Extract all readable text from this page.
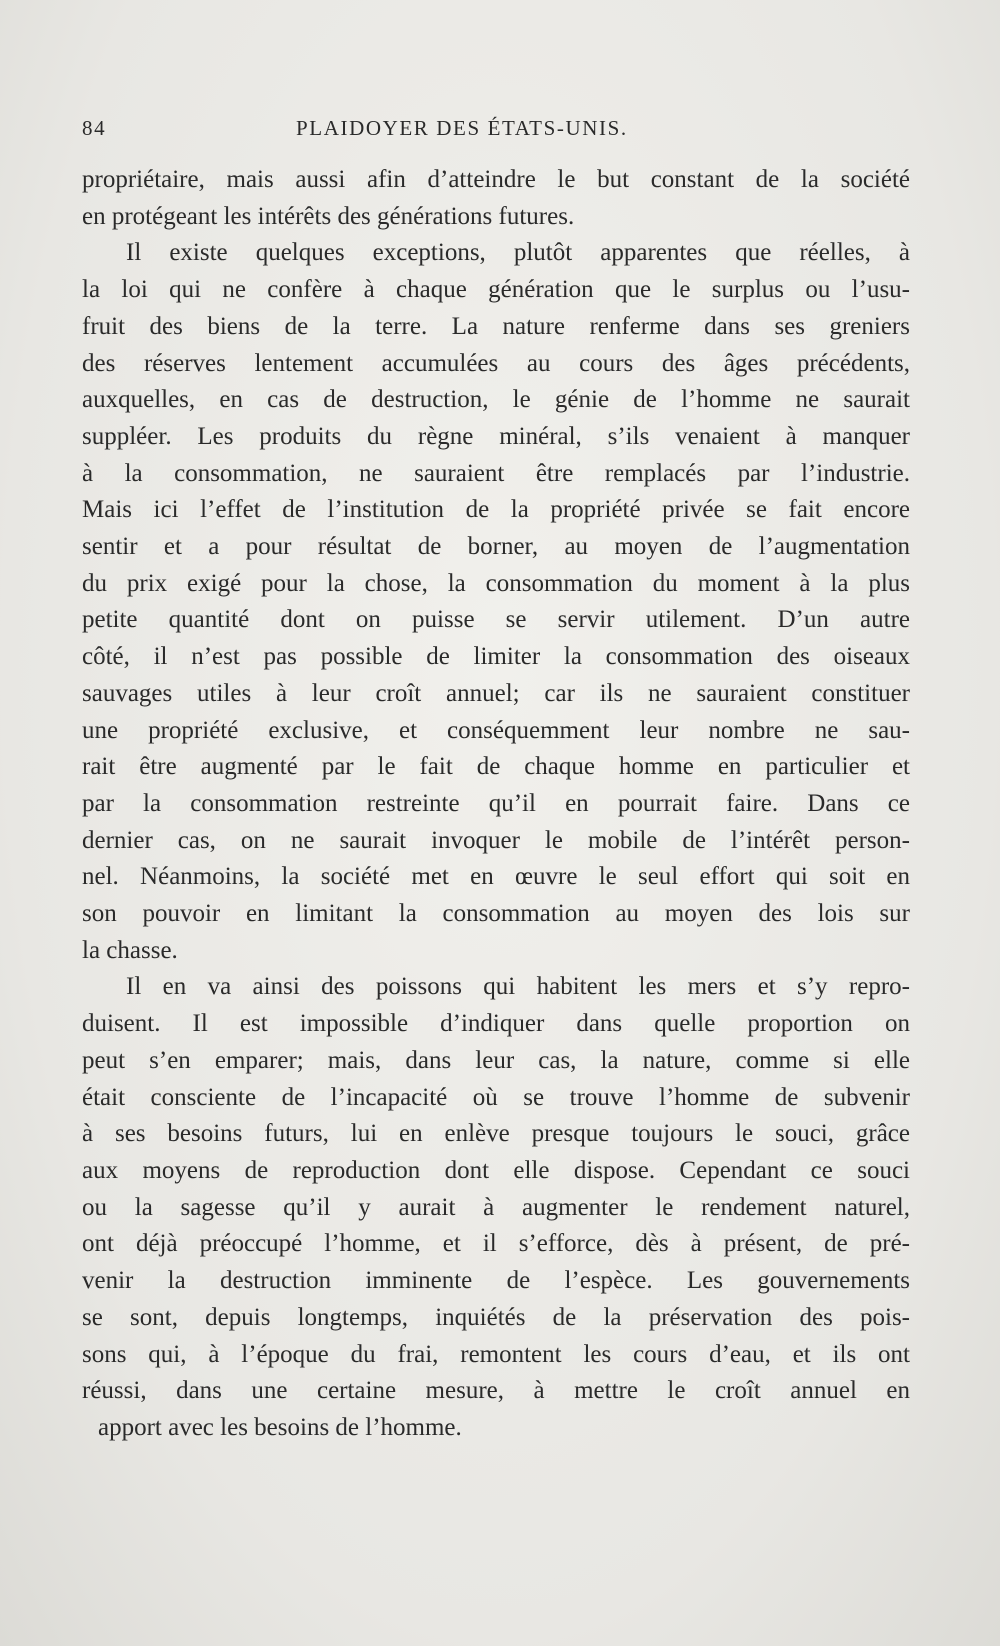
84	PLAIDOYER DES ÉTATS-UNIS.

propriétaire, mais aussi afin d’atteindre le but constant de la société
en protégeant les intérêts des générations futures.

Il existe quelques exceptions, plutôt apparentes que réelles, à
la loi qui ne confère à chaque génération que le surplus ou l’usu-
fruit des biens de la terre. La nature renferme dans ses greniers
des réserves lentement accumulées au cours des âges précédents,
auxquelles, en cas de destruction, le génie de l’homme ne saurait
suppléer. Les produits du règne minéral, s’ils venaient à manquer
à la consommation, ne sauraient être remplacés par l’industrie.
Mais ici l’effet de l’institution de la propriété privée se fait encore
sentir et a pour résultat de borner, au moyen de l’augmentation
du prix exigé pour la chose, la consommation du moment à la plus
petite quantité dont on puisse se servir utilement. D’un autre
côté, il n’est pas possible de limiter la consommation des oiseaux
sauvages utiles à leur croît annuel; car ils ne sauraient constituer
une propriété exclusive, et conséquemment leur nombre ne sau-
rait être augmenté par le fait de chaque homme en particulier et
par la consommation restreinte qu’il en pourrait faire. Dans ce
dernier cas, on ne saurait invoquer le mobile de l’intérêt person-
nel. Néanmoins, la société met en œuvre le seul effort qui soit en
son pouvoir en limitant la consommation au moyen des lois sur
la chasse.

Il en va ainsi des poissons qui habitent les mers et s’y repro-
duisent. Il est impossible d’indiquer dans quelle proportion on
peut s’en emparer; mais, dans leur cas, la nature, comme si elle
était consciente de l’incapacité où se trouve l’homme de subvenir
à ses besoins futurs, lui en enlève presque toujours le souci, grâce
aux moyens de reproduction dont elle dispose. Cependant ce souci
ou la sagesse qu’il y aurait à augmenter le rendement naturel,
ont déjà préoccupé l’homme, et il s’efforce, dès à présent, de pré-
venir la destruction imminente de l’espèce. Les gouvernements
se sont, depuis longtemps, inquiétés de la préservation des pois-
sons qui, à l’époque du frai, remontent les cours d’eau, et ils ont
réussi, dans une certaine mesure, à mettre le croît annuel en
apport avec les besoins de l’homme.
